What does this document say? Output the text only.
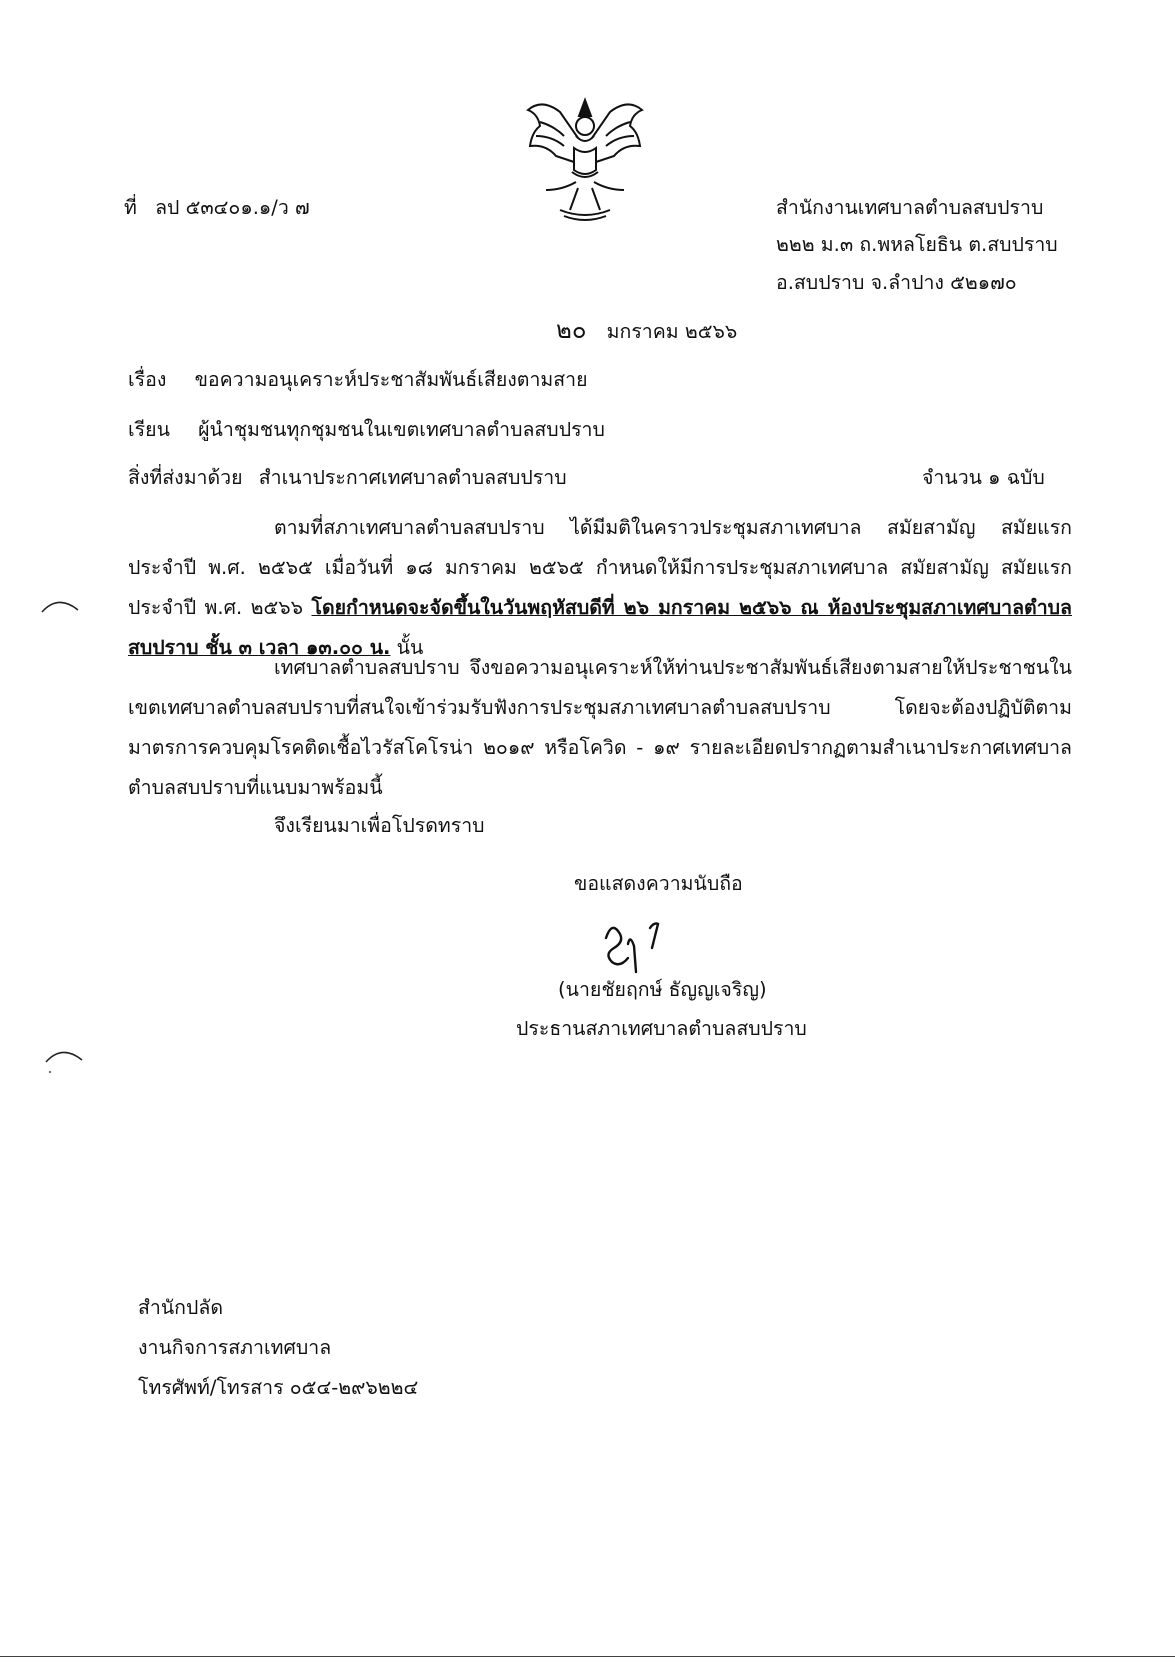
ที่ ลป ๕๓๔๐๑.๑/ว ๗	สำนักงานเทศบาลตำบลสบปราบ
๒๒๒ ม.๓ ถ.พหลโยธิน ต.สบปราบ
อ.สบปราบ จ.ลำปาง ๕๒๑๗๐
๒๐ มกราคม ๒๕๖๖
เรื่อง ขอความอนุเคราะห์ประชาสัมพันธ์เสียงตามสาย
เรียน ผู้นำชุมชนทุกชุมชนในเขตเทศบาลตำบลสบปราบ
สิ่งที่ส่งมาด้วย สำเนาประกาศเทศบาลตำบลสบปราบ	จำนวน ๑ ฉบับ
ตามที่สภาเทศบาลตำบลสบปราบ ได้มีมติในคราวประชุมสภาเทศบาล สมัยสามัญ สมัยแรก ประจำปี พ.ศ. ๒๕๖๕ เมื่อวันที่ ๑๘ มกราคม ๒๕๖๕ กำหนดให้มีการประชุมสภาเทศบาล สมัยสามัญ สมัยแรก ประจำปี พ.ศ. ๒๕๖๖ โดยกำหนดจะจัดขึ้นในวันพฤหัสบดีที่ ๒๖ มกราคม ๒๕๖๖ ณ ห้องประชุมสภาเทศบาลตำบลสบปราบ ชั้น ๓ เวลา ๑๓.๐๐ น. นั้น
เทศบาลตำบลสบปราบ จึงขอความอนุเคราะห์ให้ท่านประชาสัมพันธ์เสียงตามสายให้ประชาชนในเขตเทศบาลตำบลสบปราบที่สนใจเข้าร่วมรับฟังการประชุมสภาเทศบาลตำบลสบปราบ โดยจะต้องปฏิบัติตามมาตรการควบคุมโรคติดเชื้อไวรัสโคโรน่า ๒๐๑๙ หรือโควิด - ๑๙ รายละเอียดปรากฏตามสำเนาประกาศเทศบาลตำบลสบปราบที่แนบมาพร้อมนี้
จึงเรียนมาเพื่อโปรดทราบ
ขอแสดงความนับถือ
(นายชัยฤกษ์ ธัญญเจริญ)
ประธานสภาเทศบาลตำบลสบปราบ
สำนักปลัด
งานกิจการสภาเทศบาล
โทรศัพท์/โทรสาร ๐๕๔-๒๙๖๒๒๔
